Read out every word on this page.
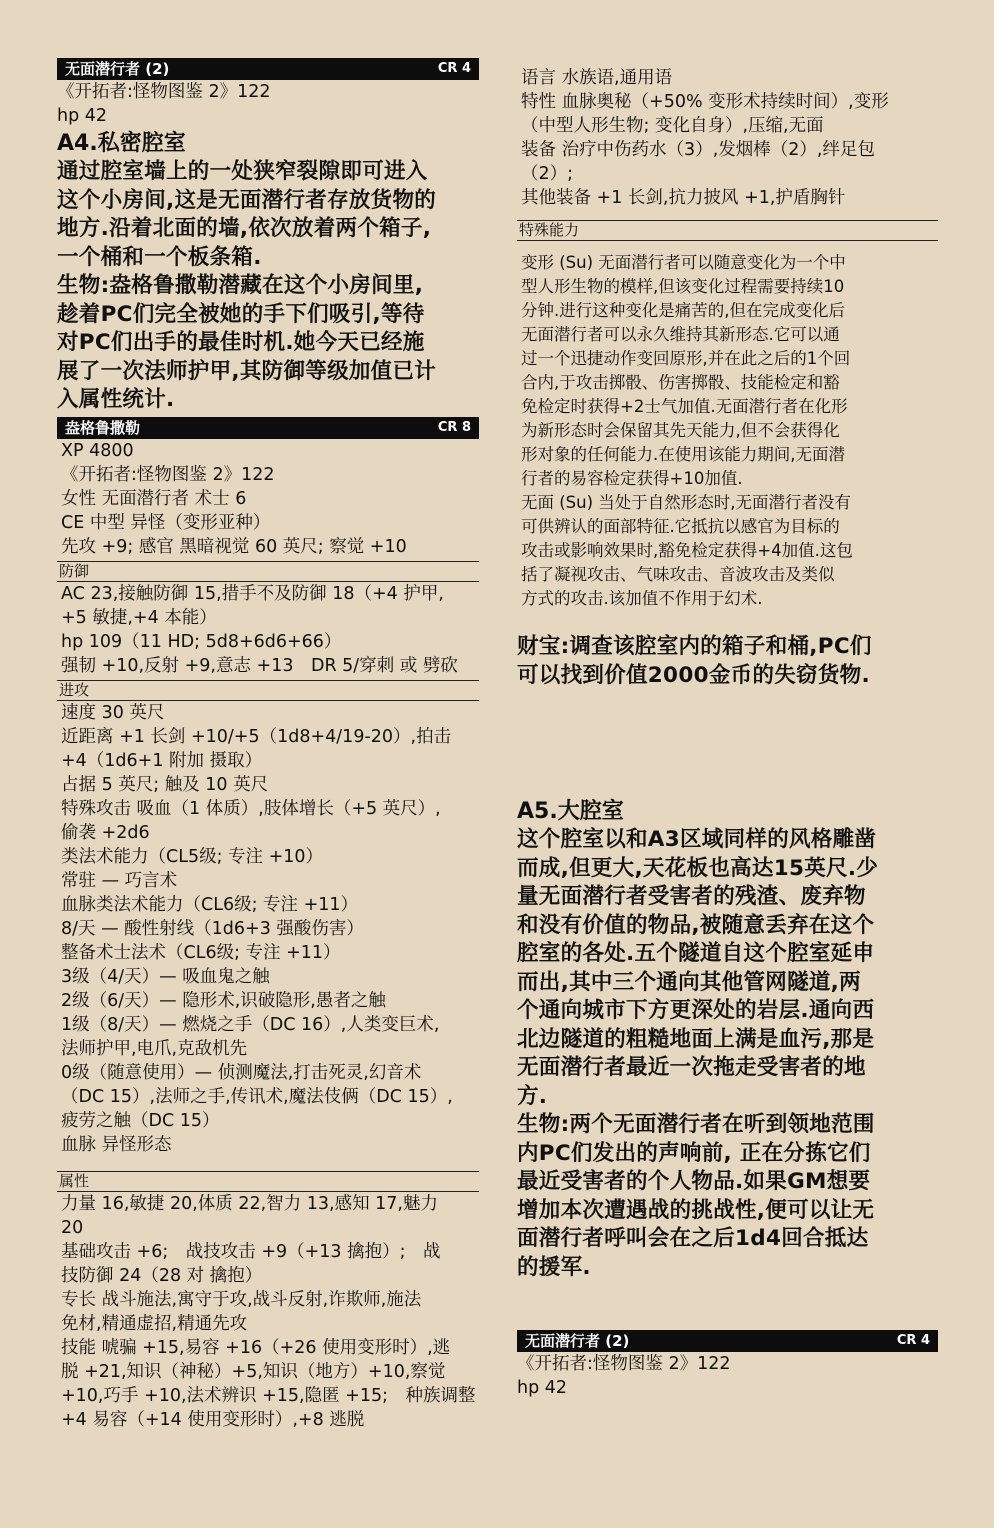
无面潜行者 (2)	CR 4
《开拓者:怪物图鉴 2》122
hp 42
A4.私密腔室
通过腔室墙上的一处狭窄裂隙即可进入
这个小房间,这是无面潜行者存放货物的
地方.沿着北面的墙,依次放着两个箱子,
一个桶和一个板条箱.
生物:盎格鲁撒勒潜藏在这个小房间里,
趁着PC们完全被她的手下们吸引,等待
对PC们出手的最佳时机.她今天已经施
展了一次法师护甲,其防御等级加值已计
入属性统计.
盎格鲁撒勒	CR 8
XP 4800
《开拓者:怪物图鉴 2》122
女性 无面潜行者 术士 6
CE 中型 异怪（变形亚种）
先攻 +9; 感官 黑暗视觉 60 英尺; 察觉 +10
防御
AC 23,接触防御 15,措手不及防御 18（+4 护甲,
+5 敏捷,+4 本能）
hp 109（11 HD; 5d8+6d6+66）
强韧 +10,反射 +9,意志 +13　DR 5/穿刺 或 劈砍
进攻
速度 30 英尺
近距离 +1 长剑 +10/+5（1d8+4/19-20）,拍击
+4（1d6+1 附加 摄取）
占据 5 英尺; 触及 10 英尺
特殊攻击 吸血（1 体质）,肢体增长（+5 英尺）,
偷袭 +2d6
类法术能力（CL5级; 专注 +10）
常驻 — 巧言术
血脉类法术能力（CL6级; 专注 +11）
8/天 — 酸性射线（1d6+3 强酸伤害）
整备术士法术（CL6级; 专注 +11）
3级（4/天）— 吸血鬼之触
2级（6/天）— 隐形术,识破隐形,愚者之触
1级（8/天）— 燃烧之手（DC 16）,人类变巨术,
法师护甲,电爪,克敌机先
0级（随意使用）— 侦测魔法,打击死灵,幻音术
（DC 15）,法师之手,传讯术,魔法伎俩（DC 15）,
疲劳之触（DC 15）
血脉 异怪形态
属性
力量 16,敏捷 20,体质 22,智力 13,感知 17,魅力
20
基础攻击 +6;　战技攻击 +9（+13 擒抱）;　战
技防御 24（28 对 擒抱）
专长 战斗施法,寓守于攻,战斗反射,诈欺师,施法
免材,精通虚招,精通先攻
技能 唬骗 +15,易容 +16（+26 使用变形时）,逃
脱 +21,知识（神秘）+5,知识（地方）+10,察觉
+10,巧手 +10,法术辨识 +15,隐匿 +15;　种族调整
+4 易容（+14 使用变形时）,+8 逃脱
语言 水族语,通用语
特性 血脉奥秘（+50% 变形术持续时间）,变形
（中型人形生物; 变化自身）,压缩,无面
装备 治疗中伤药水（3）,发烟棒（2）,绊足包
（2）;
其他装备 +1 长剑,抗力披风 +1,护盾胸针
特殊能力
变形 (Su) 无面潜行者可以随意变化为一个中
型人形生物的模样,但该变化过程需要持续10
分钟.进行这种变化是痛苦的,但在完成变化后
无面潜行者可以永久维持其新形态.它可以通
过一个迅捷动作变回原形,并在此之后的1个回
合内,于攻击掷骰、伤害掷骰、技能检定和豁
免检定时获得+2士气加值.无面潜行者在化形
为新形态时会保留其先天能力,但不会获得化
形对象的任何能力.在使用该能力期间,无面潜
行者的易容检定获得+10加值.
无面 (Su) 当处于自然形态时,无面潜行者没有
可供辨认的面部特征.它抵抗以感官为目标的
攻击或影响效果时,豁免检定获得+4加值.这包
括了凝视攻击、气味攻击、音波攻击及类似
方式的攻击.该加值不作用于幻术.
财宝:调查该腔室内的箱子和桶,PC们
可以找到价值2000金币的失窃货物.
A5.大腔室
这个腔室以和A3区域同样的风格雕凿
而成,但更大,天花板也高达15英尺.少
量无面潜行者受害者的残渣、废弃物
和没有价值的物品,被随意丢弃在这个
腔室的各处.五个隧道自这个腔室延申
而出,其中三个通向其他管网隧道,两
个通向城市下方更深处的岩层.通向西
北边隧道的粗糙地面上满是血污,那是
无面潜行者最近一次拖走受害者的地
方.
生物:两个无面潜行者在听到领地范围
内PC们发出的声响前, 正在分拣它们
最近受害者的个人物品.如果GM想要
增加本次遭遇战的挑战性,便可以让无
面潜行者呼叫会在之后1d4回合抵达
的援军.
无面潜行者 (2)	CR 4
《开拓者:怪物图鉴 2》122
hp 42
